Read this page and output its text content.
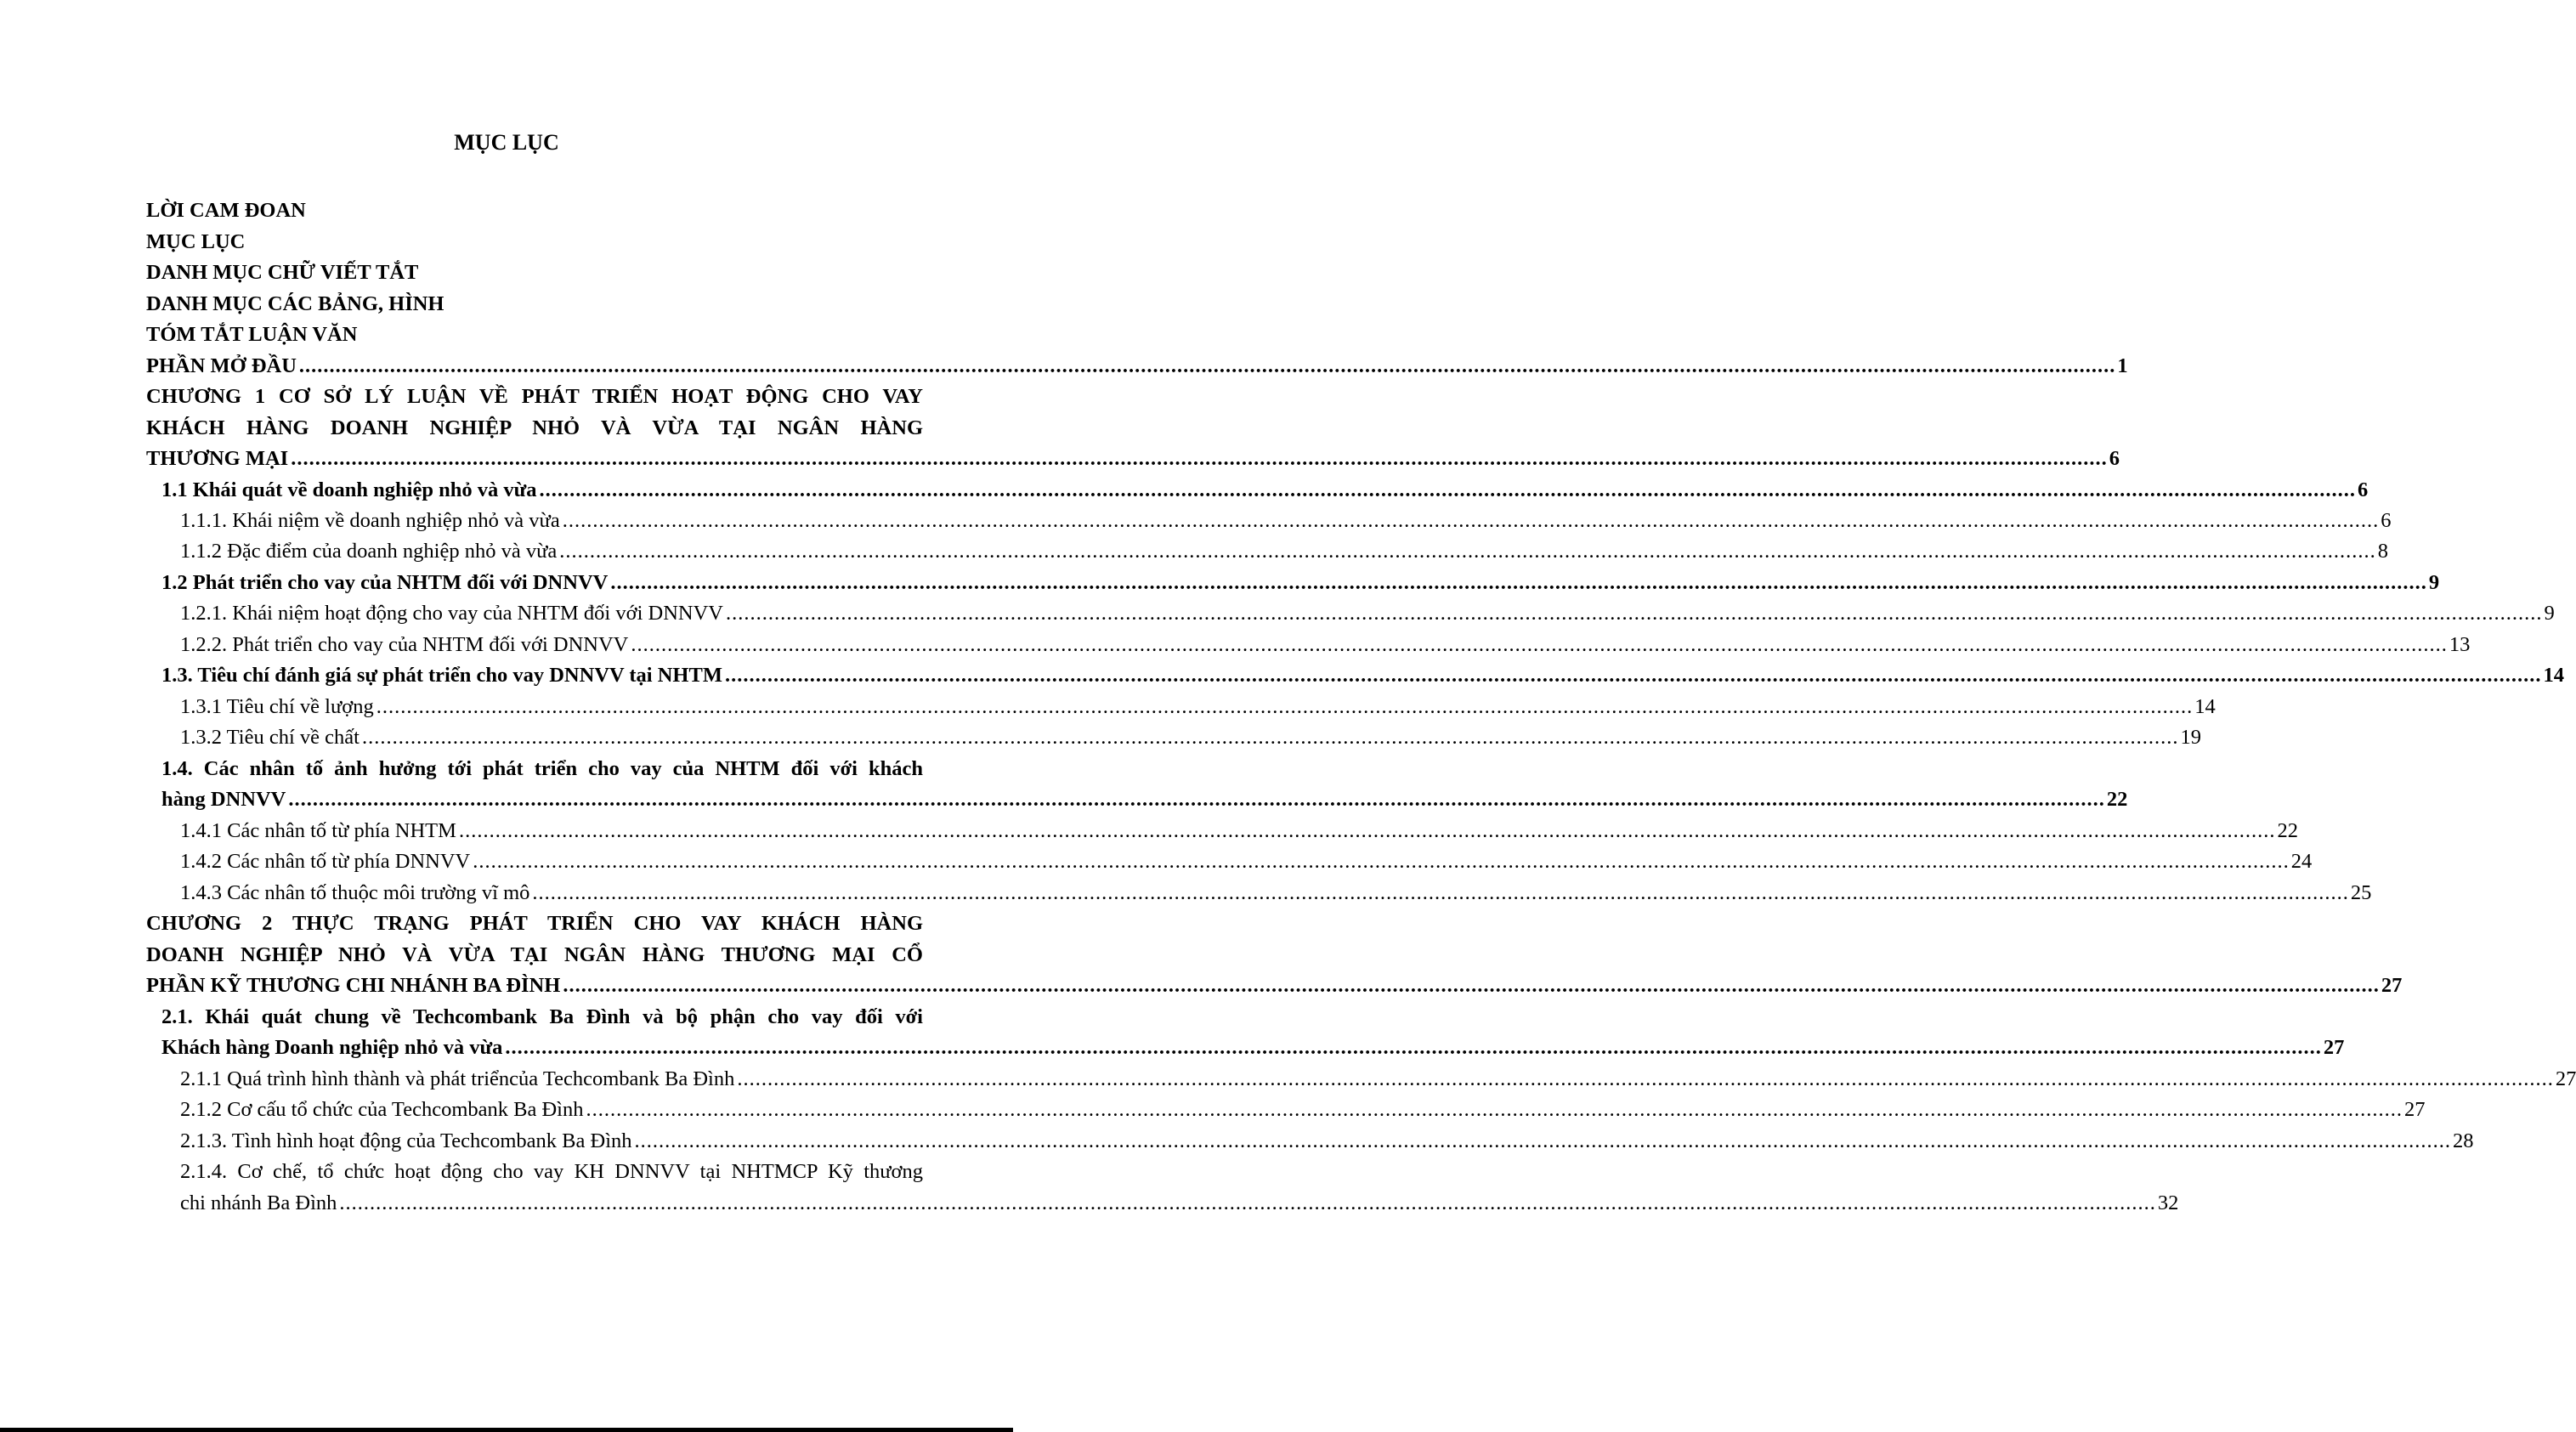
MỤC LỤC
LỜI CAM ĐOAN
MỤC LỤC
DANH MỤC CHỮ VIẾT TẮT
DANH MỤC CÁC BẢNG, HÌNH
TÓM TẮT LUẬN VĂN
PHẦN MỞ ĐẦU ............................................................................................................................................................................................................................................................................................................ 1
CHƯƠNG 1 CƠ SỞ LÝ LUẬN VỀ PHÁT TRIỂN HOẠT ĐỘNG CHO VAY
KHÁCH HÀNG DOANH NGHIỆP NHỎ VÀ VỪA TẠI NGÂN HÀNG
THƯƠNG MẠI ............................................................................................................................................................................................................................................................................................................ 6
1.1 Khái quát về doanh nghiệp nhỏ và vừa ............................................................................................................................................................................................................................................................................................................ 6
1.1.1. Khái niệm về doanh nghiệp nhỏ và vừa ............................................................................................................................................................................................................................................................................................................ 6
1.1.2 Đặc điểm của doanh nghiệp nhỏ và vừa ............................................................................................................................................................................................................................................................................................................ 8
1.2 Phát triển cho vay của NHTM đối với DNNVV ............................................................................................................................................................................................................................................................................................................ 9
1.2.1. Khái niệm hoạt động cho vay của NHTM đối với DNNVV ............................................................................................................................................................................................................................................................................................................ 9
1.2.2. Phát triển cho vay của NHTM đối với DNNVV ............................................................................................................................................................................................................................................................................................................ 13
1.3. Tiêu chí đánh giá sự phát triển cho vay DNNVV tại NHTM ............................................................................................................................................................................................................................................................................................................ 14
1.3.1 Tiêu chí về lượng ............................................................................................................................................................................................................................................................................................................ 14
1.3.2 Tiêu chí về chất ............................................................................................................................................................................................................................................................................................................ 19
1.4. Các nhân tố ảnh hưởng tới phát triển cho vay của NHTM đối với khách
hàng DNNVV ............................................................................................................................................................................................................................................................................................................ 22
1.4.1 Các nhân tố từ phía NHTM ............................................................................................................................................................................................................................................................................................................ 22
1.4.2 Các nhân tố từ phía DNNVV ............................................................................................................................................................................................................................................................................................................ 24
1.4.3 Các nhân tố thuộc môi trường vĩ mô ............................................................................................................................................................................................................................................................................................................ 25
CHƯƠNG 2 THỰC TRẠNG PHÁT TRIỂN CHO VAY KHÁCH HÀNG
DOANH NGHIỆP NHỎ VÀ VỪA TẠI NGÂN HÀNG THƯƠNG MẠI CỔ
PHẦN KỸ THƯƠNG CHI NHÁNH BA ĐÌNH ............................................................................................................................................................................................................................................................................................................ 27
2.1. Khái quát chung về Techcombank Ba Đình và bộ phận cho vay đối với
Khách hàng Doanh nghiệp nhỏ và vừa ............................................................................................................................................................................................................................................................................................................ 27
2.1.1 Quá trình hình thành và phát triểncủa Techcombank Ba Đình ............................................................................................................................................................................................................................................................................................................ 27
2.1.2 Cơ cấu tổ chức của Techcombank Ba Đình ............................................................................................................................................................................................................................................................................................................ 27
2.1.3. Tình hình hoạt động của Techcombank Ba Đình ............................................................................................................................................................................................................................................................................................................ 28
2.1.4. Cơ chế, tổ chức hoạt động cho vay KH DNNVV tại NHTMCP Kỹ thương
chi nhánh Ba Đình ............................................................................................................................................................................................................................................................................................................ 32
